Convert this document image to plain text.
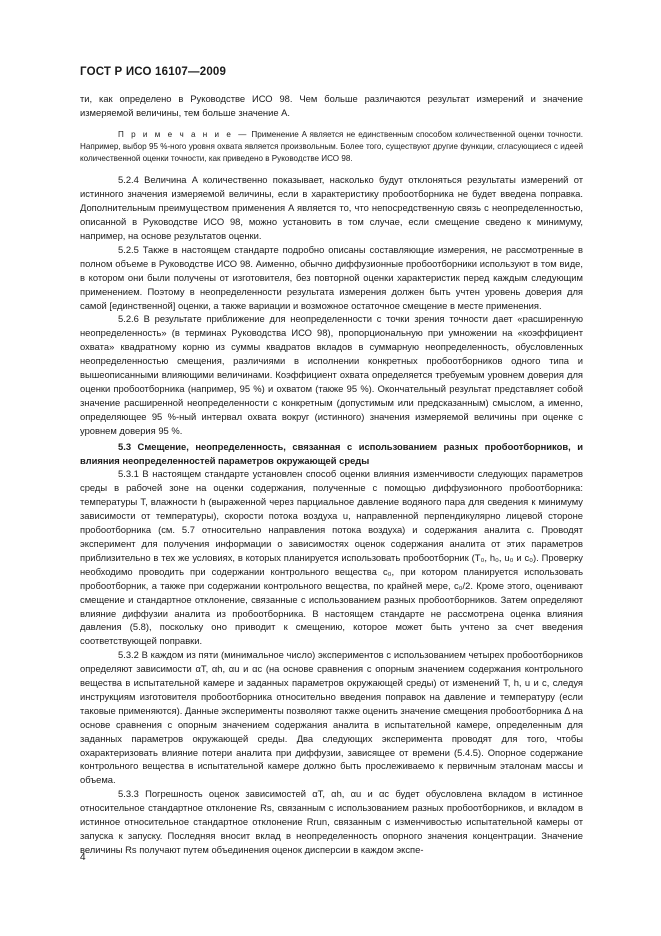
ГОСТ Р ИСО 16107—2009

ти, как определено в Руководстве ИСО 98. Чем больше различаются результат измерений и значение измеряемой величины, тем больше значение A.

П р и м е ч а н и е — Применение A является не единственным способом количественной оценки точности. Например, выбор 95 %-ного уровня охвата является произвольным. Более того, существуют другие функции, сгласующиеся с идеей количественной оценки точности, как приведено в Руководстве ИСО 98.

5.2.4 Величина A количественно показывает, насколько будут отклоняться результаты измерений от истинного значения измеряемой величины, если в характеристику пробоотборника не будет введена поправка. Дополнительным преимуществом применения A является то, что непосредственную связь с неопределенностью, описанной в Руководстве ИСО 98, можно установить в том случае, если смещение сведено к минимуму, например, на основе результатов оценки.

5.2.5 Также в настоящем стандарте подробно описаны составляющие измерения, не рассмотренные в полном объеме в Руководстве ИСО 98. Аименно, обычно диффузионные пробоотборники используют в том виде, в котором они были получены от изготовителя, без повторной оценки характеристик перед каждым следующим применением. Поэтому в неопределенности результата измерения должен быть учтен уровень доверия для самой [единственной] оценки, а также вариации и возможное остаточное смещение в месте применения.

5.2.6 В результате приближение для неопределенности с точки зрения точности дает «расширенную неопределенность» (в терминах Руководства ИСО 98), пропорциональную при умножении на «коэффициент охвата» квадратному корню из суммы квадратов вкладов в суммарную неопределенность, обусловленных неопределенностью смещения, различиями в исполнении конкретных пробоотборников одного типа и вышеописанными влияющими величинами. Коэффициент охвата определяется требуемым уровнем доверия для оценки пробоотборника (например, 95 %) и охватом (также 95 %). Окончательный результат представляет собой значение расширенной неопределенности с конкретным (допустимым или предсказанным) смыслом, а именно, определяющее 95 %-ный интервал охвата вокруг (истинного) значения измеряемой величины при оценке с уровнем доверия 95 %.

5.3 Смещение, неопределенность, связанная с использованием разных пробоотборников, и влияния неопределенностей параметров окружающей среды

5.3.1 В настоящем стандарте установлен способ оценки влияния изменчивости следующих параметров среды в рабочей зоне на оценки содержания, полученные с помощью диффузионного пробоотборника: температуры T, влажности h (выраженной через парциальное давление водяного пара для сведения к минимуму зависимости от температуры), скорости потока воздуха u, направленной перпендикулярно лицевой стороне пробоотборника (см. 5.7 относительно направления потока воздуха) и содержания аналита c. Проводят эксперимент для получения информации о зависимостях оценок содержания аналита от этих параметров приблизительно в тех же условиях, в которых планируется использовать пробоотборник (T₀, h₀, u₀ и c₀). Проверку необходимо проводить при содержании контрольного вещества c₀, при котором планируется использовать пробоотборник, а также при содержании контрольного вещества, по крайней мере, c₀/2. Кроме этого, оценивают смещение и стандартное отклонение, связанные с использованием разных пробоотборников. Затем определяют влияние диффузии аналита из пробоотборника. В настоящем стандарте не рассмотрена оценка влияния давления (5.8), поскольку оно приводит к смещению, которое может быть учтено за счет введения соответствующей поправки.

5.3.2 В каждом из пяти (минимальное число) экспериментов с использованием четырех пробоотборников определяют зависимости αT, αh, αu и αc (на основе сравнения с опорным значением содержания контрольного вещества в испытательной камере и заданных параметров окружающей среды) от изменений T, h, u и c, следуя инструкциям изготовителя пробоотборника относительно введения поправок на давление и температуру (если таковые применяются). Данные эксперименты позволяют также оценить значение смещения пробоотборника Δ на основе сравнения с опорным значением содержания аналита в испытательной камере, определенным для заданных параметров окружающей среды. Два следующих эксперимента проводят для того, чтобы охарактеризовать влияние потери аналита при диффузии, зависящее от времени (5.4.5). Опорное содержание контрольного вещества в испытательной камере должно быть прослеживаемо к первичным эталонам массы и объема.

5.3.3 Погрешность оценок зависимостей αT, αh, αu и αc будет обусловлена вкладом в истинное относительное стандартное отклонение Rs, связанным с использованием разных пробоотборников, и вкладом в истинное относительное стандартное отклонение Rrun, связанным с изменчивостью испытательной камеры от запуска к запуску. Последняя вносит вклад в неопределенность опорного значения концентрации. Значение величины Rs получают путем объединения оценок дисперсии в каждом экспе-

4
